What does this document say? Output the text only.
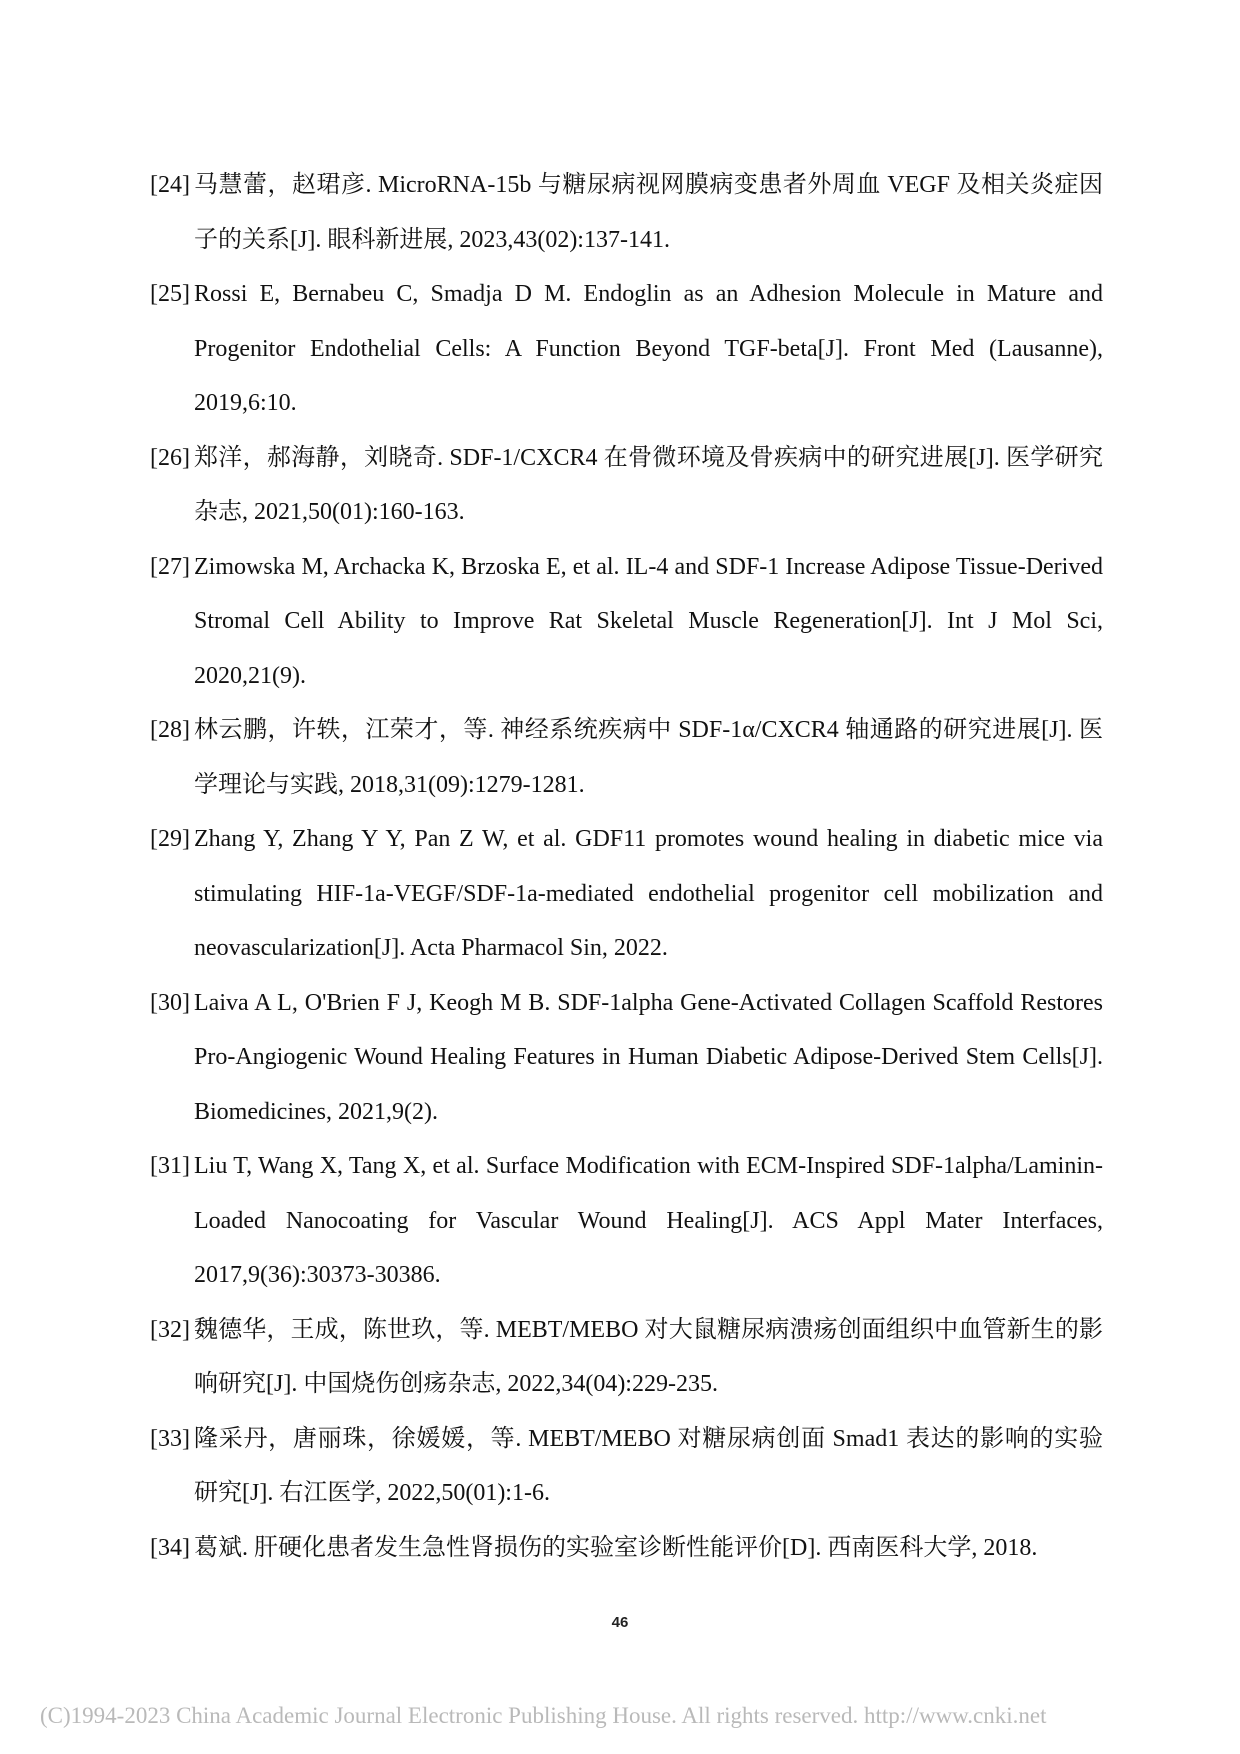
[24] 马慧蕾，赵珺彦. MicroRNA-15b 与糖尿病视网膜病变患者外周血 VEGF 及相关炎症因子的关系[J]. 眼科新进展, 2023,43(02):137-141.
[25] Rossi E, Bernabeu C, Smadja D M. Endoglin as an Adhesion Molecule in Mature and Progenitor Endothelial Cells: A Function Beyond TGF-beta[J]. Front Med (Lausanne), 2019,6:10.
[26] 郑洋，郝海静，刘晓奇. SDF-1/CXCR4 在骨微环境及骨疾病中的研究进展[J]. 医学研究杂志, 2021,50(01):160-163.
[27] Zimowska M, Archacka K, Brzoska E, et al. IL-4 and SDF-1 Increase Adipose Tissue-Derived Stromal Cell Ability to Improve Rat Skeletal Muscle Regeneration[J]. Int J Mol Sci, 2020,21(9).
[28] 林云鹏，许轶，江荣才，等. 神经系统疾病中 SDF-1α/CXCR4 轴通路的研究进展[J]. 医学理论与实践, 2018,31(09):1279-1281.
[29] Zhang Y, Zhang Y Y, Pan Z W, et al. GDF11 promotes wound healing in diabetic mice via stimulating HIF-1a-VEGF/SDF-1a-mediated endothelial progenitor cell mobilization and neovascularization[J]. Acta Pharmacol Sin, 2022.
[30] Laiva A L, O'Brien F J, Keogh M B. SDF-1alpha Gene-Activated Collagen Scaffold Restores Pro-Angiogenic Wound Healing Features in Human Diabetic Adipose-Derived Stem Cells[J]. Biomedicines, 2021,9(2).
[31] Liu T, Wang X, Tang X, et al. Surface Modification with ECM-Inspired SDF-1alpha/Laminin-Loaded Nanocoating for Vascular Wound Healing[J]. ACS Appl Mater Interfaces, 2017,9(36):30373-30386.
[32] 魏德华，王成，陈世玖，等. MEBT/MEBO 对大鼠糖尿病溃疡创面组织中血管新生的影响研究[J]. 中国烧伤创疡杂志, 2022,34(04):229-235.
[33] 隆采丹，唐丽珠，徐媛媛，等. MEBT/MEBO 对糖尿病创面 Smad1 表达的影响的实验研究[J]. 右江医学, 2022,50(01):1-6.
[34] 葛斌. 肝硬化患者发生急性肾损伤的实验室诊断性能评价[D]. 西南医科大学, 2018.
46
(C)1994-2023 China Academic Journal Electronic Publishing House. All rights reserved. http://www.cnki.net
